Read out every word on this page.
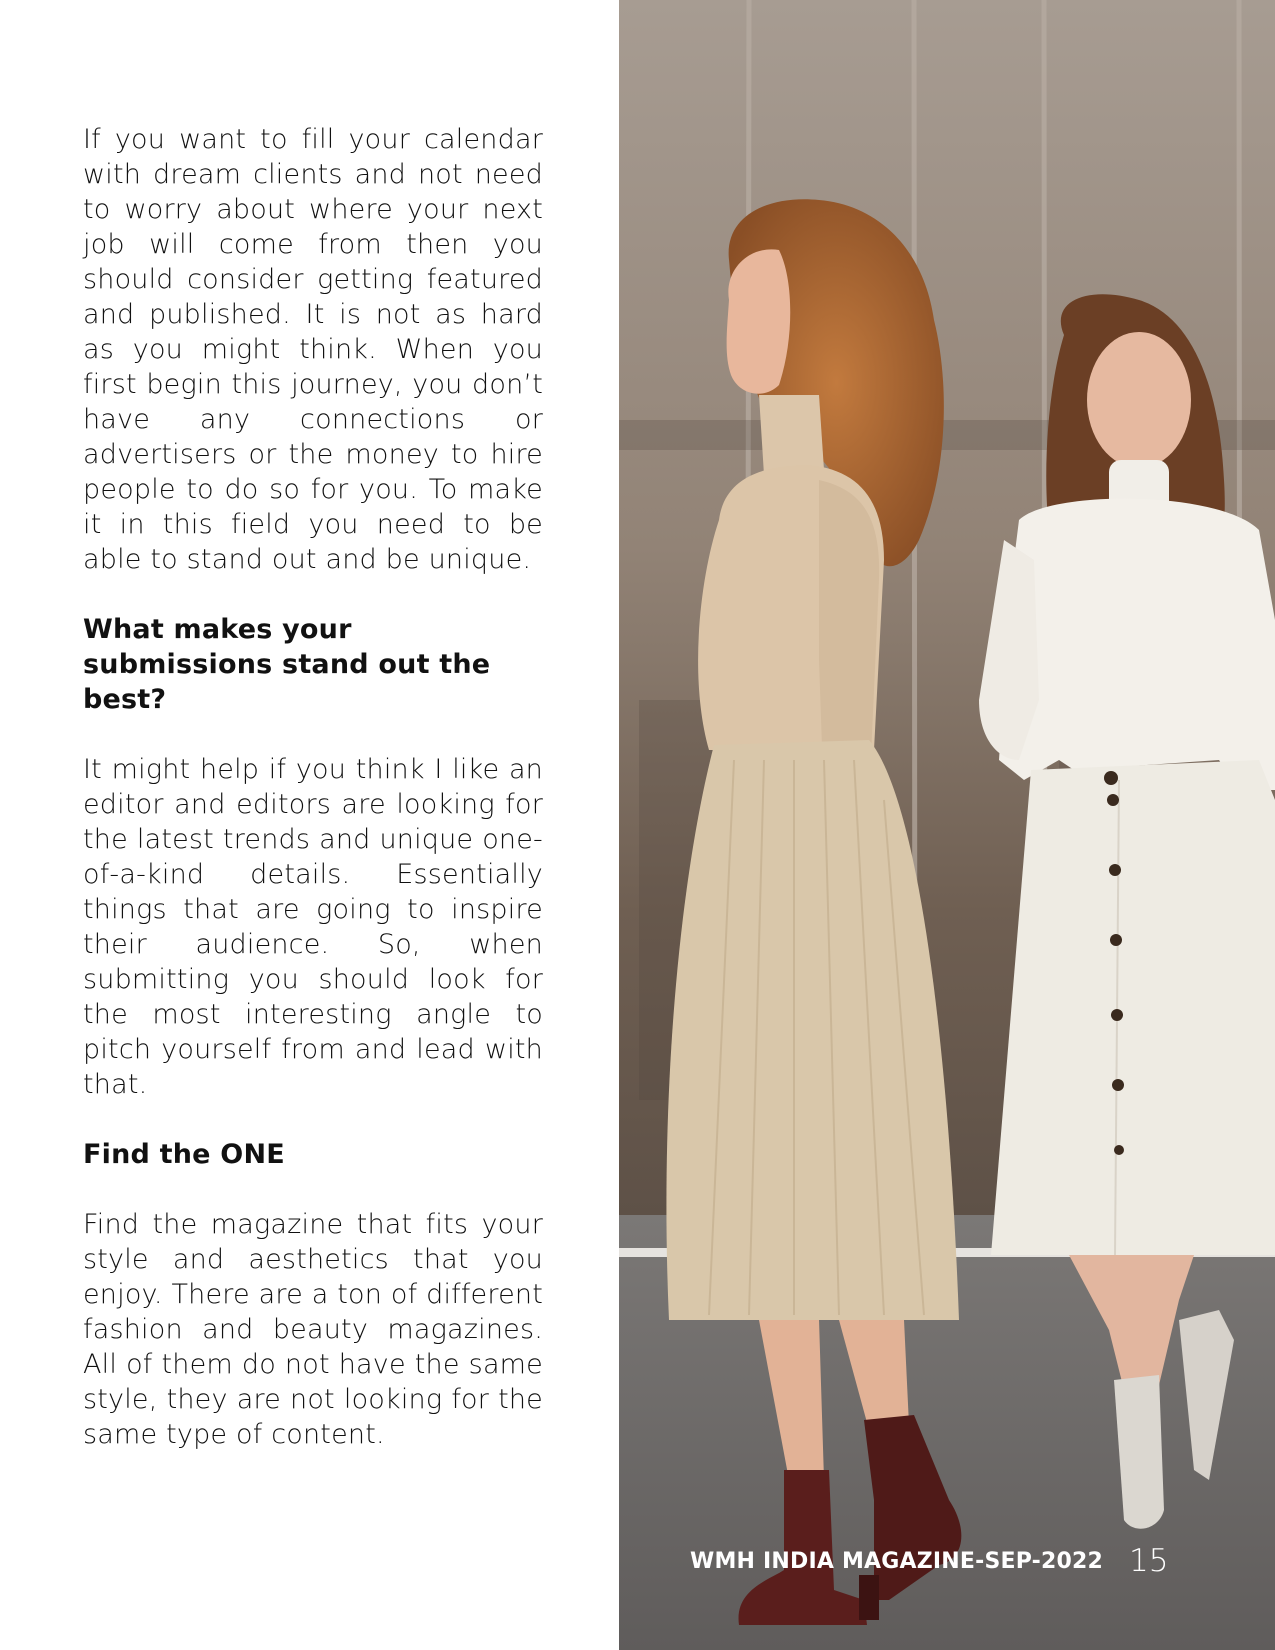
If you want to fill your calendar with dream clients and not need to worry about where your next job will come from then you should consider getting featured and published. It is not as hard as you might think. When you first begin this journey, you don’t have any connections or advertisers or the money to hire people to do so for you. To make it in this field you need to be able to stand out and be unique.

What makes your submissions stand out the best?

It might help if you think I like an editor and editors are looking for the latest trends and unique one-of-a-kind details. Essentially things that are going to inspire their audience. So, when submitting you should look for the most interesting angle to pitch yourself from and lead with that.

Find the ONE

Find the magazine that fits your style and aesthetics that you enjoy. There are a ton of different fashion and beauty magazines. All of them do not have the same style, they are not looking for the same type of content.

WMH INDIA MAGAZINE-SEP-2022 15
